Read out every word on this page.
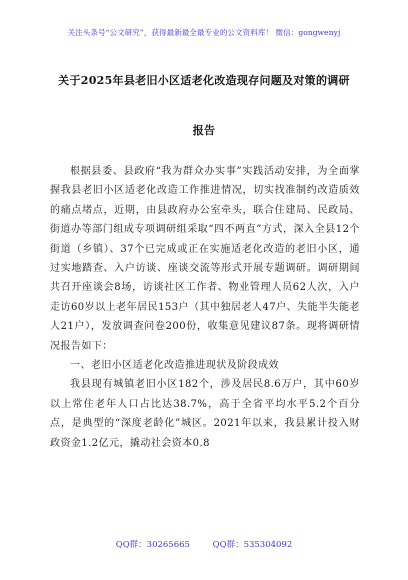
关注头条号“公文研究”，获得最新最全最专业的公文资料库！ 微信：gongwenyj
关于2025年县老旧小区适老化改造现存问题及对策的调研
报告

根据县委、县政府“我为群众办实事”实践活动安排，为全面掌握我县老旧小区适老化改造工作推进情况，切实找准制约改造质效的痛点堵点，近期，由县政府办公室牵头，联合住建局、民政局、街道办等部门组成专项调研组采取“四不两直”方式，深入全县12个街道（乡镇）、37个已完成或正在实施适老化改造的老旧小区，通过实地踏查、入户访谈、座谈交流等形式开展专题调研。调研期间共召开座谈会8场，访谈社区工作者、物业管理人员62人次，入户走访60岁以上老年居民153户（其中独居老人47户、失能半失能老人21户），发放调查问卷200份，收集意见建议87条。现将调研情况报告如下：

一、老旧小区适老化改造推进现状及阶段成效

我县现有城镇老旧小区182个，涉及居民8.6万户，其中60岁以上常住老年人口占比达38.7%，高于全省平均水平5.2个百分点，是典型的“深度老龄化”城区。2021年以来，我县累计投入财政资金1.2亿元，撬动社会资本0.8

QQ群：30265665	QQ群：535304092
